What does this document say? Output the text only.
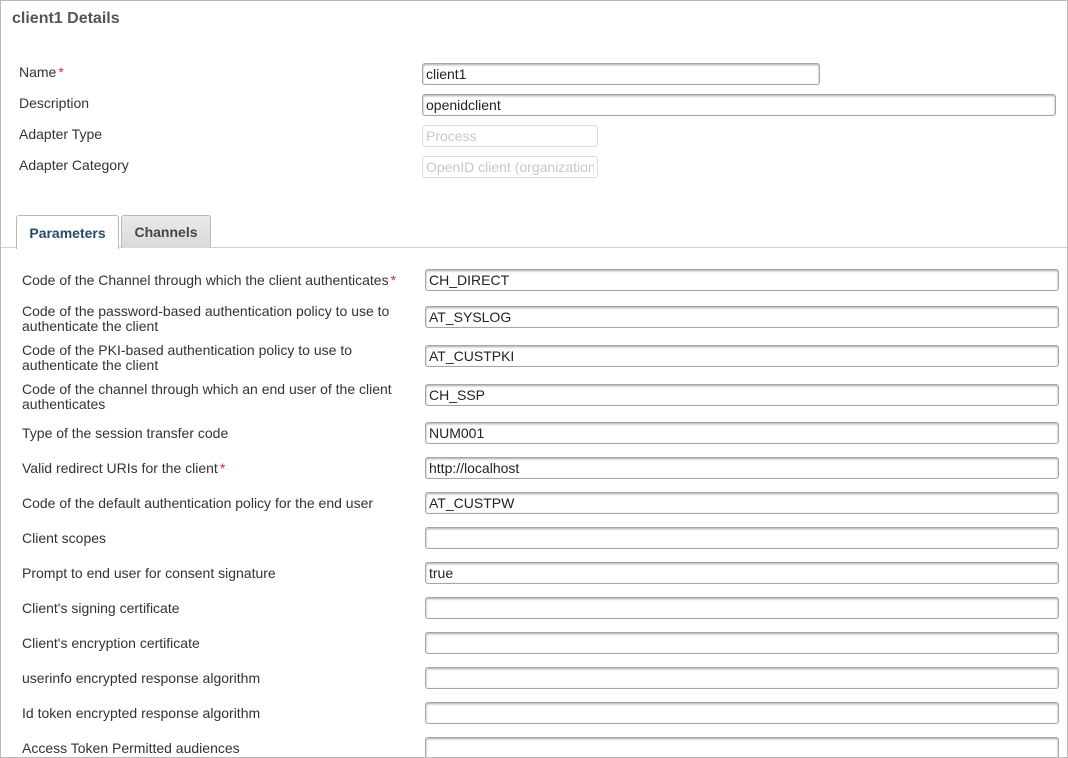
client1 Details
Name *
client1
Description
openidclient
Adapter Type
Process
Adapter Category
OpenID client (organization)
Parameters	Channels
Code of the Channel through which the client authenticates *
CH_DIRECT
Code of the password-based authentication policy to use to authenticate the client
AT_SYSLOG
Code of the PKI-based authentication policy to use to authenticate the client
AT_CUSTPKI
Code of the channel through which an end user of the client authenticates
CH_SSP
Type of the session transfer code
NUM001
Valid redirect URIs for the client *
http://localhost
Code of the default authentication policy for the end user
AT_CUSTPW
Client scopes
Prompt to end user for consent signature
true
Client's signing certificate
Client's encryption certificate
userinfo encrypted response algorithm
Id token encrypted response algorithm
Access Token Permitted audiences
